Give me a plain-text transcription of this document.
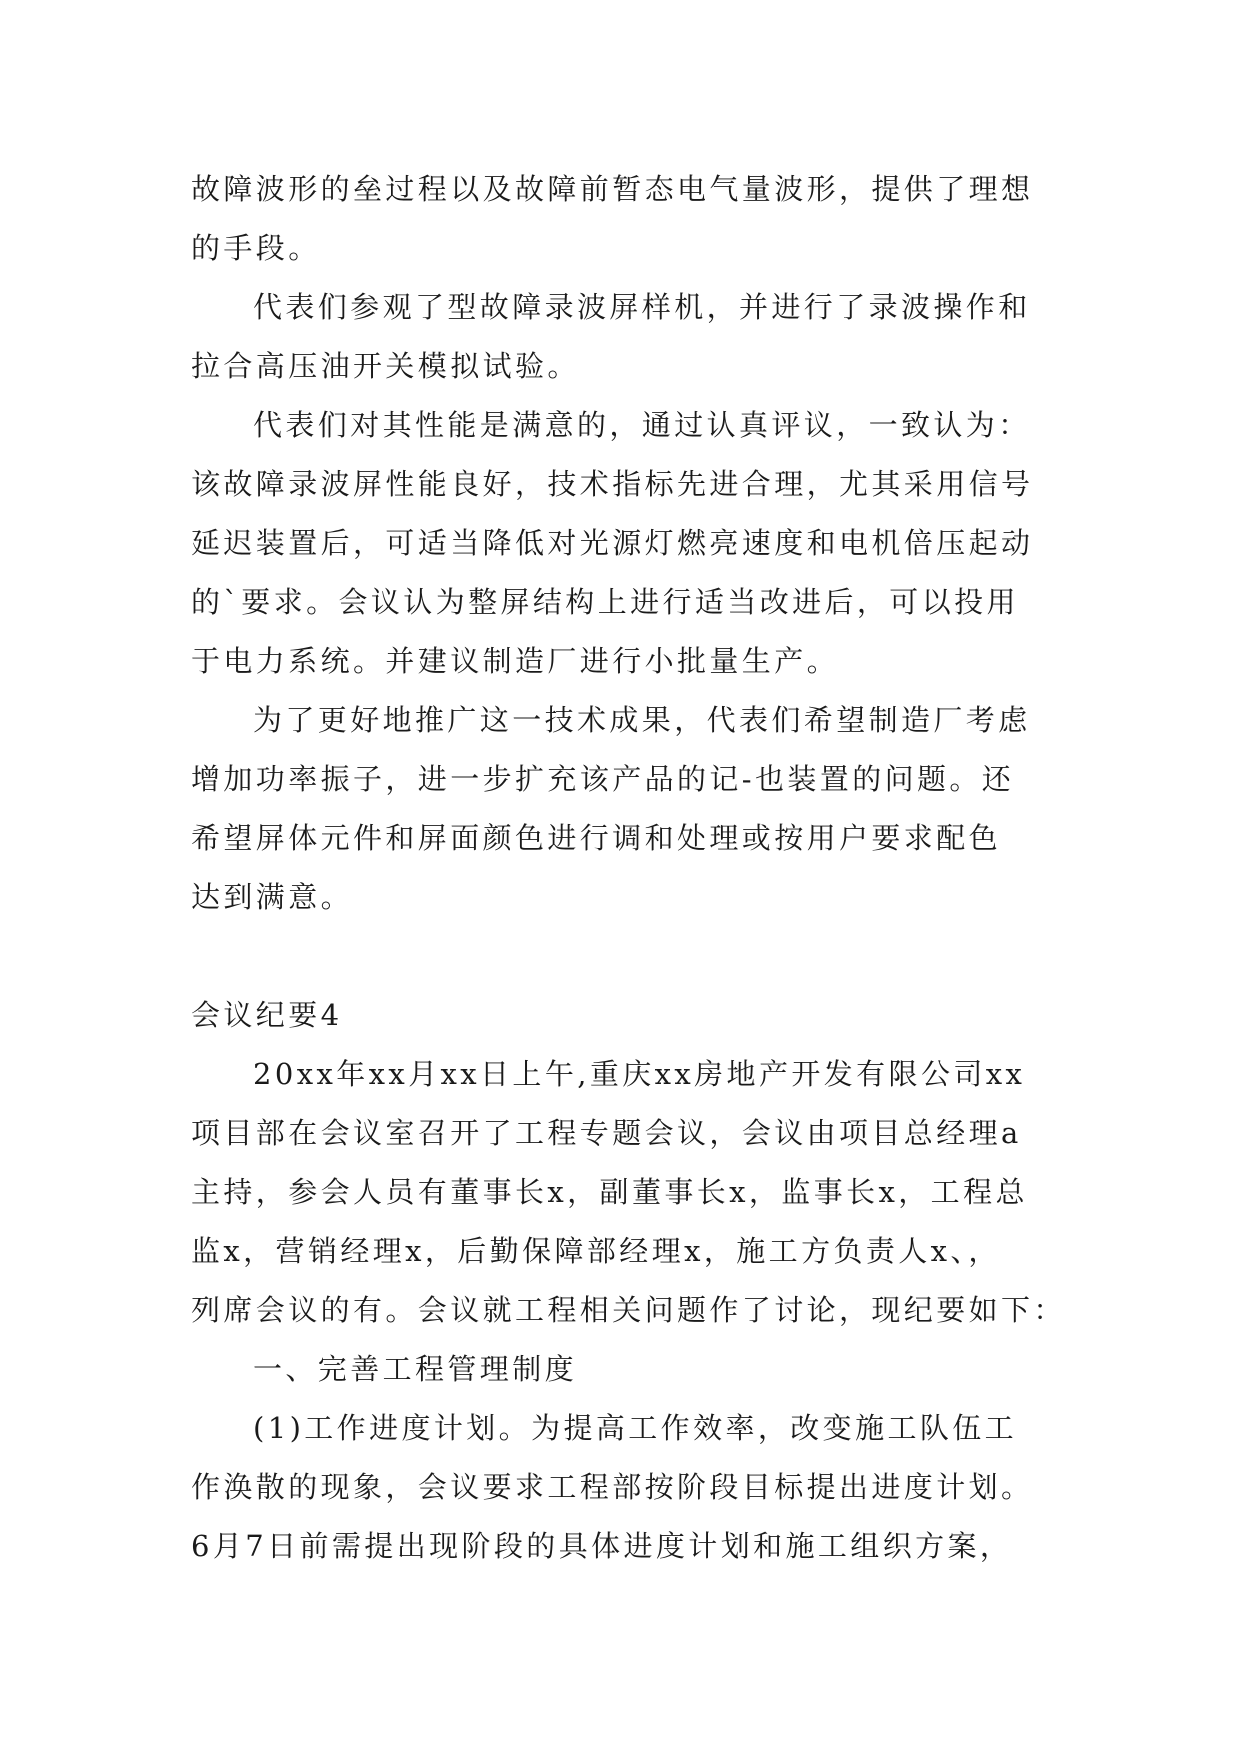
故障波形的垒过程以及故障前暂态电气量波形，提供了理想
的手段。
代表们参观了型故障录波屏样机，并进行了录波操作和
拉合高压油开关模拟试验。
代表们对其性能是满意的，通过认真评议，一致认为：
该故障录波屏性能良好，技术指标先进合理，尤其采用信号
延迟装置后，可适当降低对光源灯燃亮速度和电机倍压起动
的`要求。会议认为整屏结构上进行适当改进后，可以投用
于电力系统。并建议制造厂进行小批量生产。
为了更好地推广这一技术成果，代表们希望制造厂考虑
增加功率振子，进一步扩充该产品的记-也装置的问题。还
希望屏体元件和屏面颜色进行调和处理或按用户要求配色
达到满意。
会议纪要4
20xx年xx月xx日上午,重庆xx房地产开发有限公司xx
项目部在会议室召开了工程专题会议，会议由项目总经理a
主持，参会人员有董事长x，副董事长x，监事长x，工程总
监x，营销经理x，后勤保障部经理x，施工方负责人x、，
列席会议的有。会议就工程相关问题作了讨论，现纪要如下：
一、完善工程管理制度
(1)工作进度计划。为提高工作效率，改变施工队伍工
作涣散的现象，会议要求工程部按阶段目标提出进度计划。
6月7日前需提出现阶段的具体进度计划和施工组织方案，
